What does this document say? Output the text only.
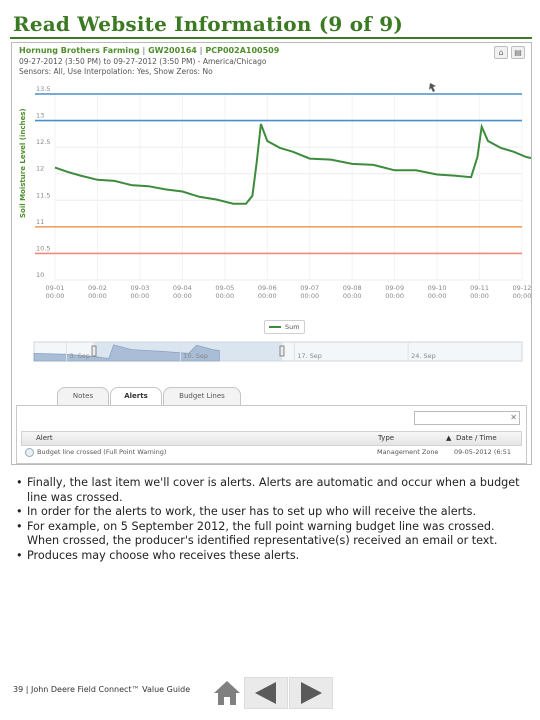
Read Website Information (9 of 9)
Hornung Brothers Farming | GW200164 | PCP002A100509
09-27-2012 (3:50 PM) to 09-27-2012 (3:50 PM) - America/Chicago
Sensors: All, Use Interpolation: Yes, Show Zeros: No
⌂	▤
13.5
13
12.5
12
11.5
11
10.5
10
09-01
00:00
09-02
00:00
09-03
00:00
09-04
00:00
09-05
00:00
09-06
00:00
09-07
00:00
09-08
00:00
09-09
00:00
09-10
00:00
09-11
00:00
09-12
00:00
Soil Moisture Level (inches)
3. Sep	10. Sep	17. Sep	24. Sep
Sum
Notes	Alerts	Budget Lines
✕
Alert	Type	▲ Date / Time
Budget line crossed (Full Point Warning)	Management Zone 09-05-2012 (6:51
• Finally, the last item we'll cover is alerts. Alerts are automatic and occur when a budget line was crossed.
• In order for the alerts to work, the user has to set up who will receive the alerts.
• For example, on 5 September 2012, the full point warning budget line was crossed. When crossed, the producer's identified representative(s) received an email or text.
• Produces may choose who receives these alerts.
39 | John Deere Field Connect™ Value Guide
